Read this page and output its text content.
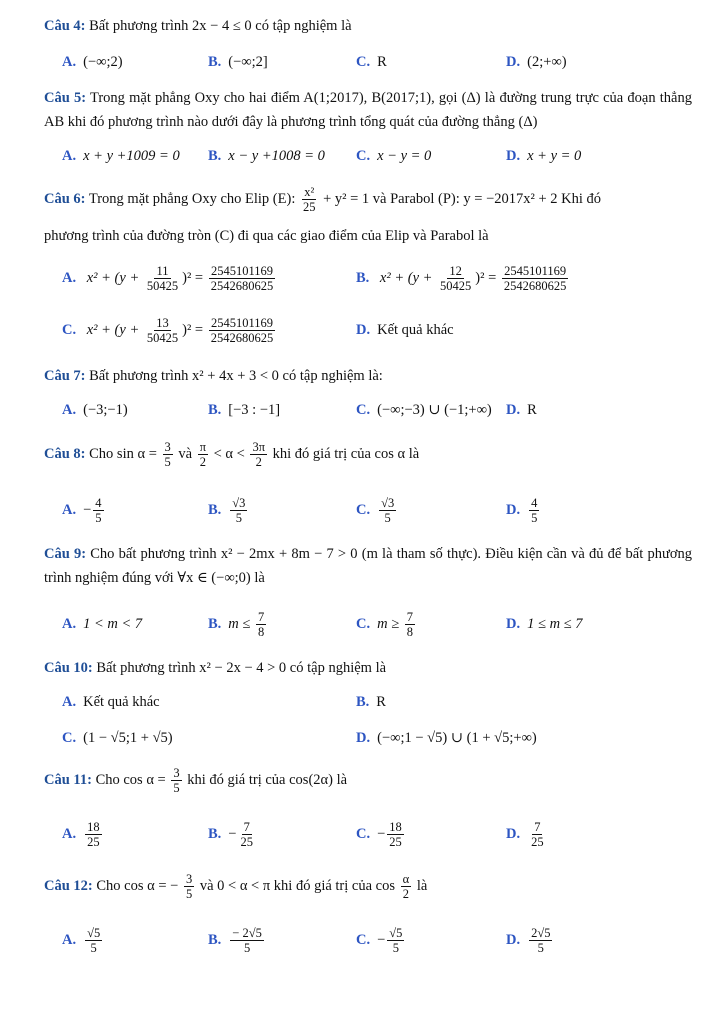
Câu 4: Bất phương trình 2x − 4 ≤ 0 có tập nghiệm là
A. (−∞;2)	B. (−∞;2]	C. R	D. (2;+∞)
Câu 5: Trong mặt phẳng Oxy cho hai điểm A(1;2017), B(2017;1), gọi (Δ) là đường trung trực của đoạn thẳng AB khi đó phương trình nào dưới đây là phương trình tổng quát của đường thẳng (Δ)
A. x + y +1009 = 0 B. x − y +1008 = 0 C. x − y = 0	D. x + y = 0
Câu 6: Trong mặt phẳng Oxy cho Elip (E): $\frac{\text{x²}}{25} + y^2 = 1$ và Parabol (P): y = −2017x² + 2 Khi đó
phương trình của đường tròn (C) đi qua các giao điểm của Elip và Parabol là
A. $x^2 + (y + \frac{11}{50425} )^2 = \frac{2545101169}{2542680625}$	B. $x^2 + (y + \frac{12}{50425} )^2 = \frac{2545101169}{2542680625}$
C. $x^2 + (y + \frac{13}{50425} )^2 = \frac{2545101169}{2542680625}$	D. Kết quả khác
Câu 7: Bất phương trình x² + 4x + 3 < 0 có tập nghiệm là:
A. (−3;−1)	B. [−3 : −1]	C. (−∞;−3) ∪ (−1;+∞) D. R
Câu 8: Cho $\sin \alpha = \frac{3}{5}$ và $\frac{\pi}{2} < \alpha < \frac{3\pi}{2}$ khi đó giá trị của cos α là
A. − $\frac{4}{5}$	B. $\frac{√3}{5}$	C. $\frac{√3}{5}$	D. $\frac{4}{5}$
Câu 9: Cho bất phương trình x² − 2mx + 8m − 7 > 0 (m là tham số thực). Điều kiện cần và đủ để bất phương trình nghiệm đúng với ∀x ∈ (−∞;0) là
A. 1 < m < 7	B. $m \le \frac{7}{8}$	C. $m \ge \frac{7}{8}$	D. 1 ≤ m ≤ 7
Câu 10: Bất phương trình x² − 2x − 4 > 0 có tập nghiệm là
A. Kết quả khác	B. R
C. (1 − √5;1 + √5)	D. (−∞;1 − √5) ∪ (1 + √5;+∞)
Câu 11: Cho $\cos \alpha = \frac{3}{5}$ khi đó giá trị của cos(2α) là
A. $\frac{18}{25}$	B. − $\frac{7}{25}$	C. − $\frac{18}{25}$	D. $\frac{7}{25}$
Câu 12: Cho cos α = − $\frac{3}{5}$ và 0 < α < π khi đó giá trị của $\cos \frac{\alpha}{2}$ là
A. $\frac{√5}{5}$	B. $\frac{- 2√5}{5}$	C. − $\frac{√5}{5}$	D. $\frac{2√5}{5}$
